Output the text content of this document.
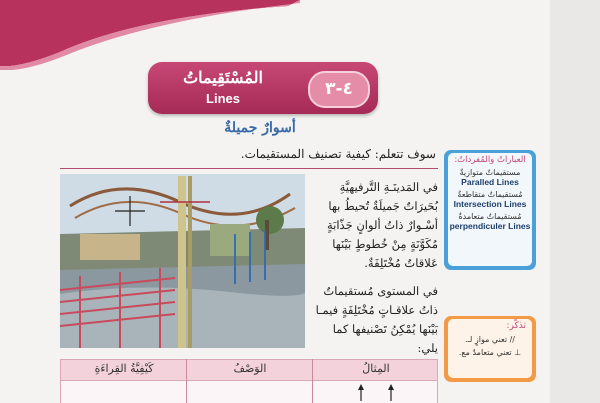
المُسْتَقِيماتُ
Lines	٤-٣
أسوارٌ جميلةٌ
سوف تتعلم: كيفية تصنيف المستقيمات.
في المَدينَـةِ التَّرفيهيَّةِ بُحَيرَاتٌ جَميلَةٌ تُحيطُ بها أسْـوارٌ ذاتُ ألوانٍ جَذّابَةٍ مُكَوَّنَةٍ مِنْ خُطوطٍ بَيْنَها عَلاقاتٌ مُخْتَلِفَةٌ.
في المستوى مُستقيماتٌ ذاتُ علاقـاتٍ مُخْتَلِفَةٍ فيمـا بَيْنَها يُمْكِنُ تَصْنيفها كما يلي:
العباراتُ والمُفرداتُ:
مستقيماتٌ متوازيةٌ
Paralled Lines
مُستقيماتٌ متقاطعةٌ
Intersection Lines
مُستقيماتٌ متعامدةٌ
perpendiculer Lines
تذكّر:
// تعني موازٍ لـ.
⊥ تعني متعامدٌ مع.
كَيْفِيَّةُ القِراءَةِ	الوَصْفُ	المِثالُ
